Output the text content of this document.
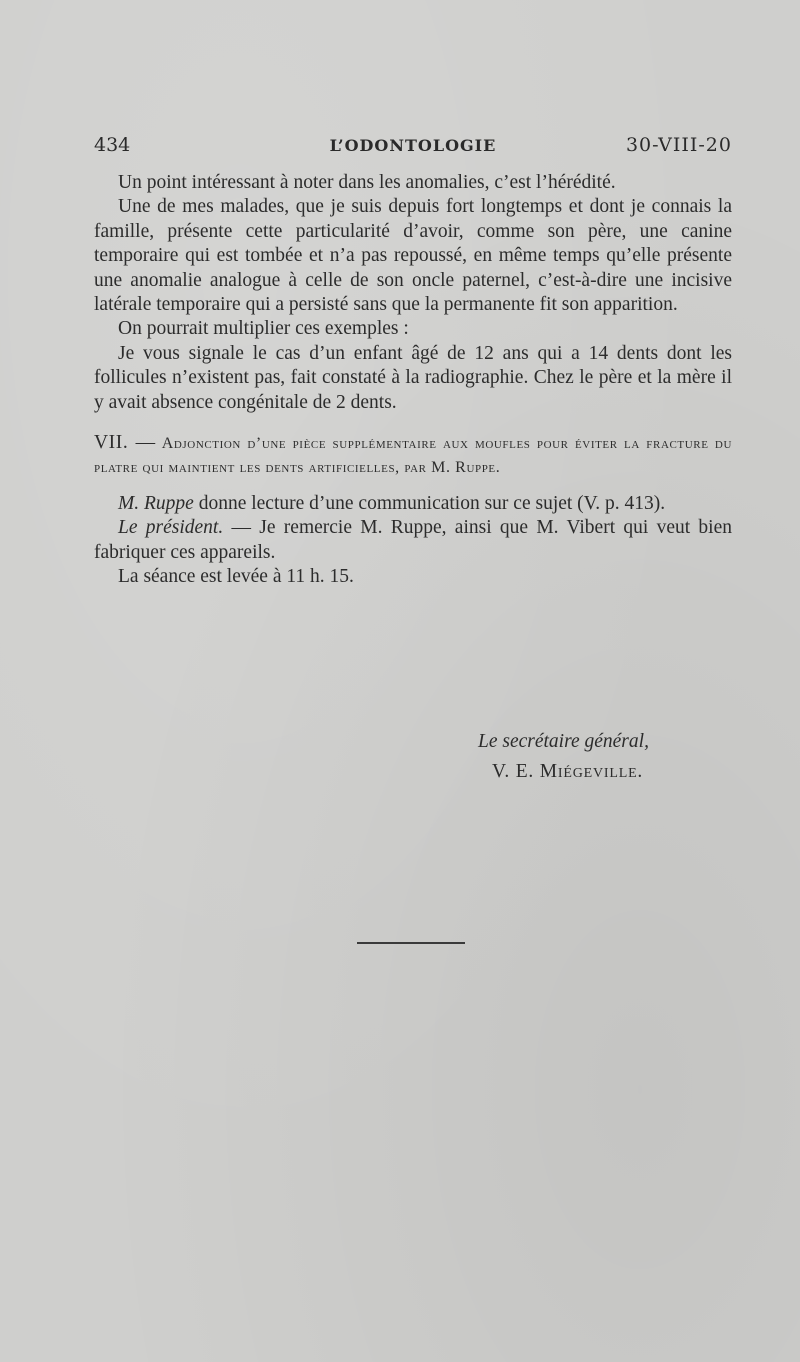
434	L’ODONTOLOGIE	30-VIII-20

Un point intéressant à noter dans les anomalies, c’est l’hérédité.

Une de mes malades, que je suis depuis fort longtemps et dont je connais la famille, présente cette particularité d’avoir, comme son père, une canine temporaire qui est tombée et n’a pas repoussé, en même temps qu’elle présente une anomalie analogue à celle de son oncle paternel, c’est-à-dire une incisive latérale temporaire qui a persisté sans que la permanente fit son apparition.

On pourrait multiplier ces exemples :

Je vous signale le cas d’un enfant âgé de 12 ans qui a 14 dents dont les follicules n’existent pas, fait constaté à la radiographie. Chez le père et la mère il y avait absence congénitale de 2 dents.

VII. — Adjonction d’une pièce supplémentaire aux moufles pour éviter la fracture du platre qui maintient les dents artificielles, par M. Ruppe.

M. Ruppe donne lecture d’une communication sur ce sujet (V. p. 413).

Le président. — Je remercie M. Ruppe, ainsi que M. Vibert qui veut bien fabriquer ces appareils.

La séance est levée à 11 h. 15.

Le secrétaire général,
V. E. Miégeville.
